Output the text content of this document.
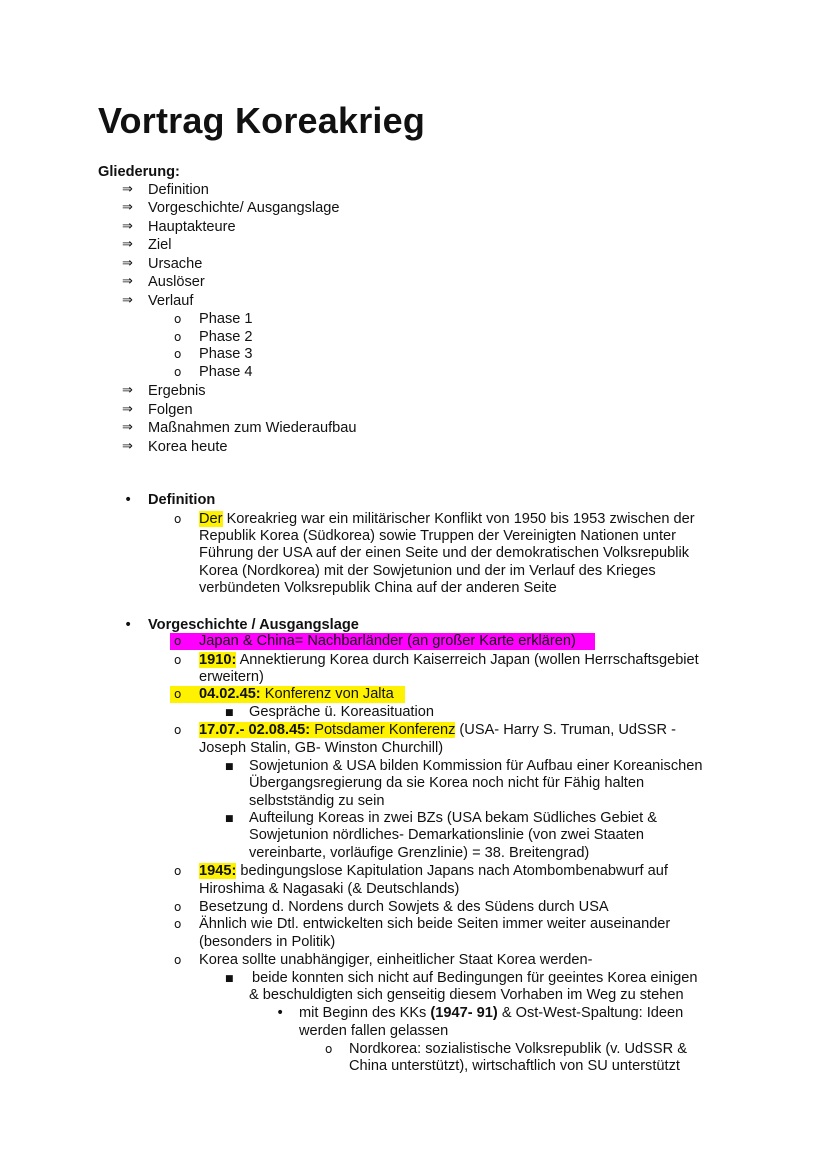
Vortrag Koreakrieg
Gliederung:
⇒ Definition
⇒ Vorgeschichte/ Ausgangslage
⇒ Hauptakteure
⇒ Ziel
⇒ Ursache
⇒ Auslöser
⇒ Verlauf
o Phase 1
o Phase 2
o Phase 3
o Phase 4
⇒ Ergebnis
⇒ Folgen
⇒ Maßnahmen zum Wiederaufbau
⇒ Korea heute
• Definition
o Der Koreakrieg war ein militärischer Konflikt von 1950 bis 1953 zwischen der
Republik Korea (Südkorea) sowie Truppen der Vereinigten Nationen unter
Führung der USA auf der einen Seite und der demokratischen Volksrepublik
Korea (Nordkorea) mit der Sowjetunion und der im Verlauf des Krieges
verbündeten Volksrepublik China auf der anderen Seite
• Vorgeschichte / Ausgangslage
o Japan & China= Nachbarländer (an großer Karte erklären)
o 1910: Annektierung Korea durch Kaiserreich Japan (wollen Herrschaftsgebiet
erweitern)
o 04.02.45: Konferenz von Jalta
■ Gespräche ü. Koreasituation
o 17.07.- 02.08.45: Potsdamer Konferenz (USA- Harry S. Truman, UdSSR -
Joseph Stalin, GB- Winston Churchill)
■ Sowjetunion & USA bilden Kommission für Aufbau einer Koreanischen
Übergangsregierung da sie Korea noch nicht für Fähig halten
selbstständig zu sein
■ Aufteilung Koreas in zwei BZs (USA bekam Südliches Gebiet &
Sowjetunion nördliches- Demarkationslinie (von zwei Staaten
vereinbarte, vorläufige Grenzlinie) = 38. Breitengrad)
o 1945: bedingungslose Kapitulation Japans nach Atombombenabwurf auf
Hiroshima & Nagasaki (& Deutschlands)
o Besetzung d. Nordens durch Sowjets & des Südens durch USA
o Ähnlich wie Dtl. entwickelten sich beide Seiten immer weiter auseinander
(besonders in Politik)
o Korea sollte unabhängiger, einheitlicher Staat Korea werden-
■ beide konnten sich nicht auf Bedingungen für geeintes Korea einigen
& beschuldigten sich genseitig diesem Vorhaben im Weg zu stehen
• mit Beginn des KKs (1947- 91) & Ost-West-Spaltung: Ideen
werden fallen gelassen
o Nordkorea: sozialistische Volksrepublik (v. UdSSR &
China unterstützt), wirtschaftlich von SU unterstützt
